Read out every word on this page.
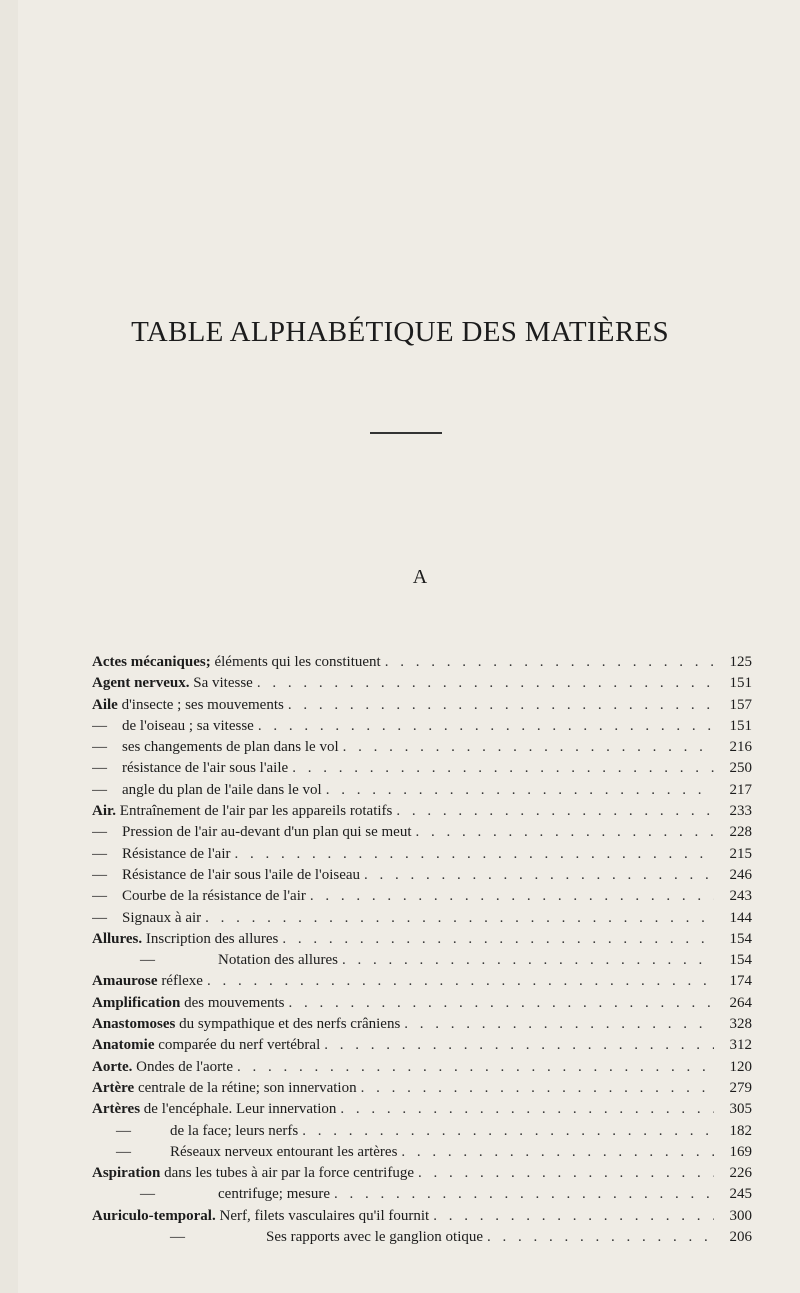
TABLE ALPHABÉTIQUE DES MATIÈRES
A
Actes mécaniques; éléments qui les constituent . . .	125
Agent nerveux. Sa vitesse . . .	151
Aile d'insecte ; ses mouvements . . .	157
— de l'oiseau ; sa vitesse . . .	151
— ses changements de plan dans le vol . . .	216
— résistance de l'air sous l'aile . . .	250
— angle du plan de l'aile dans le vol . . .	217
Air. Entraînement de l'air par les appareils rotatifs . . .	233
— Pression de l'air au-devant d'un plan qui se meut . . .	228
— Résistance de l'air . . .	215
— Résistance de l'air sous l'aile de l'oiseau . . .	246
— Courbe de la résistance de l'air . . .	243
— Signaux à air . . .	144
Allures. Inscription des allures . . .	154
—	Notation des allures . . .	154
Amaurose réflexe . . .	174
Amplification des mouvements . . .	264
Anastomoses du sympathique et des nerfs crâniens . . .	328
Anatomie comparée du nerf vertébral . . .	312
Aorte. Ondes de l'aorte . . .	120
Artère centrale de la rétine; son innervation . . .	279
Artères de l'encéphale. Leur innervation . . .	305
—	de la face; leurs nerfs . . .	182
—	Réseaux nerveux entourant les artères . . .	169
Aspiration dans les tubes à air par la force centrifuge . . .	226
—	centrifuge; mesure . . .	245
Auriculo-temporal. Nerf, filets vasculaires qu'il fournit . . .	300
—	Ses rapports avec le ganglion otique . . .	206
